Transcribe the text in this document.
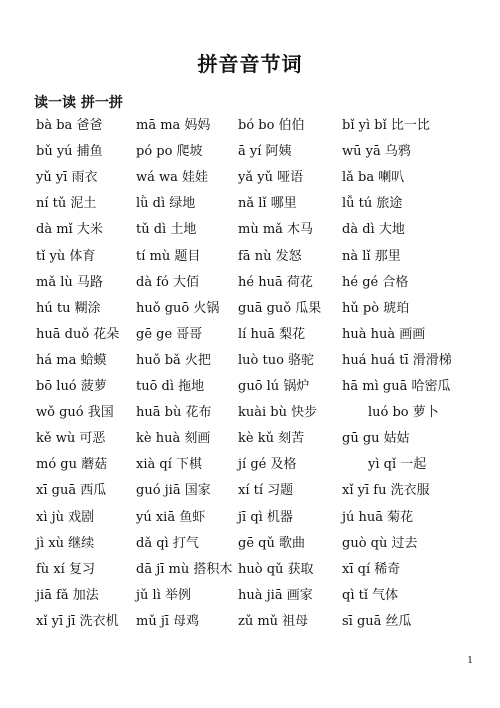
拼音音节词
读一读 拼一拼
bà ba 爸爸	mā ma 妈妈 bó bo 伯伯	bǐ yì bǐ 比一比
bǔ yú 捕鱼	pó po 爬坡	ā yí 阿姨	wū yā 乌鸦
yǔ yī 雨衣	wá wa 娃娃 yǎ yǔ 哑语	lǎ ba 喇叭
ní tǔ 泥土	lǜ dì 绿地	nǎ lǐ 哪里	lǚ tú 旅途
dà mǐ 大米	tǔ dì 土地	mù mǎ 木马 dà dì 大地
tǐ yù 体育	tí mù 题目	fā nù 发怒	nà lǐ 那里
mǎ lù 马路	dà fó 大佰	hé huā 荷花 hé gé 合格
hú tu 糊涂	huǒ guō 火锅 guā guǒ 瓜果 hǔ pò 琥珀
huā duǒ 花朵 gē ge 哥哥	lí huā 梨花	huà huà 画画
há ma 蛤蟆 huǒ bǎ 火把 luò tuo 骆驼 huá huá tī 滑滑梯
bō luó 菠萝 tuō dì 拖地	guō lú 锅炉	hā mì guā 哈密瓜
wǒ guó 我国 huā bù 花布 kuài bù 快步	luó bo 萝卜
kě wù 可恶 kè huà 刻画 kè kǔ 刻苦	gū gu 姑姑
mó gu 蘑菇 xià qí 下棋	jí gé 及格	yì qǐ 一起
xī guā 西瓜 guó jiā 国家 xí tí 习题	xǐ yī fu 洗衣服
xì jù 戏剧	yú xiā 鱼虾	jī qì 机器	jú huā 菊花
jì xù 继续	dǎ qì 打气	gē qǔ 歌曲	guò qù 过去
fù xí 复习	dā jī mù 搭积木 huò qǔ 获取 xī qí 稀奇
jiā fǎ 加法	jǔ lì 举例	huà jiā 画家 qì tǐ 气体
xǐ yī jī 洗衣机 mǔ jī 母鸡	zǔ mǔ 祖母	sī guā 丝瓜
1
